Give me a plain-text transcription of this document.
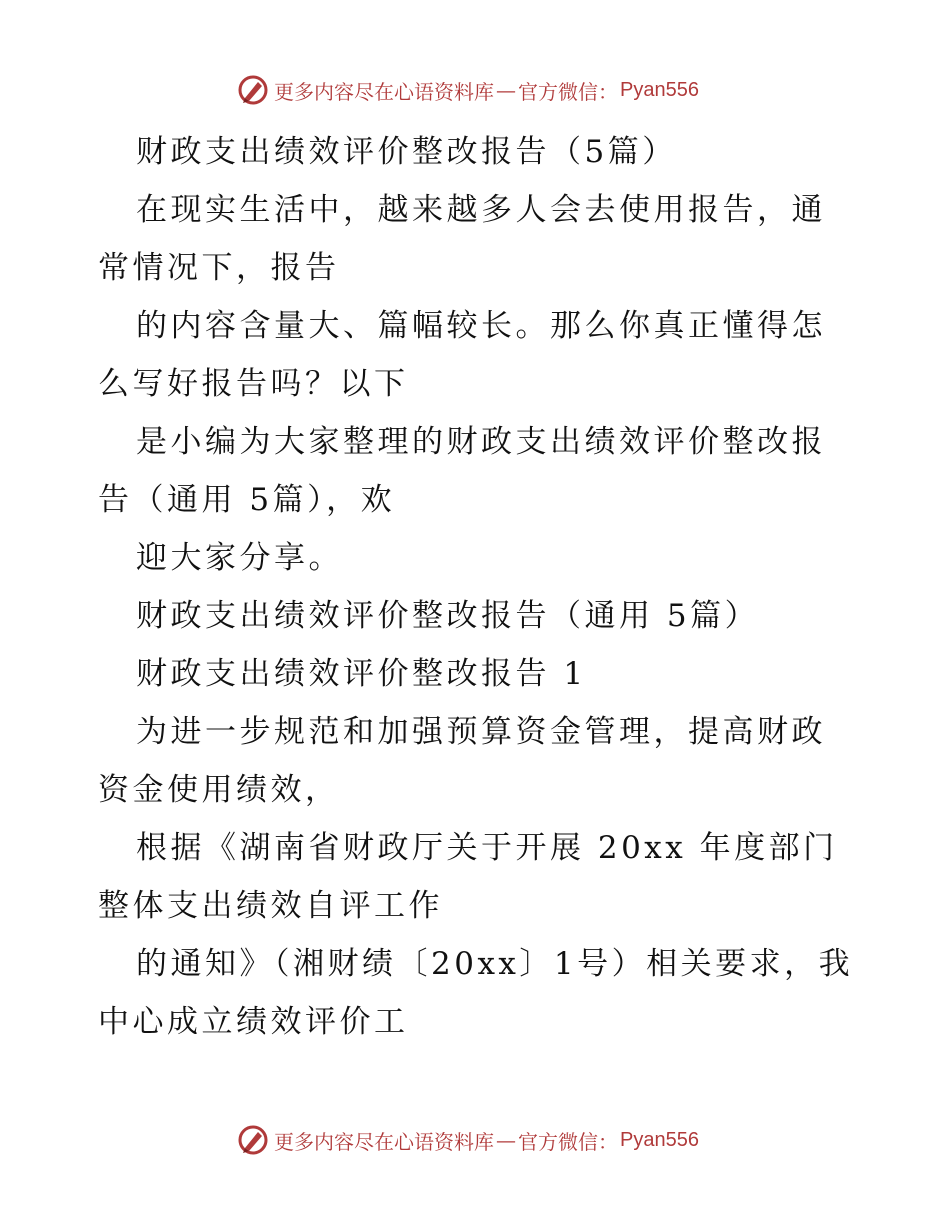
更多内容尽在心语资料库 — 官方微信： Pyan556

财政支出绩效评价整改报告（5篇）

在现实生活中，越来越多人会去使用报告，通常情况下，报告

的内容含量大、篇幅较长。那么你真正懂得怎么写好报告吗？以下

是小编为大家整理的财政支出绩效评价整改报告（通用 5篇），欢

迎大家分享。

财政支出绩效评价整改报告（通用 5篇）

财政支出绩效评价整改报告 1

为进一步规范和加强预算资金管理，提高财政资金使用绩效，

根据《湖南省财政厅关于开展 20xx 年度部门整体支出绩效自评工作

的通知》（湘财绩〔20xx〕1号）相关要求，我中心成立绩效评价工

更多内容尽在心语资料库 — 官方微信： Pyan556
